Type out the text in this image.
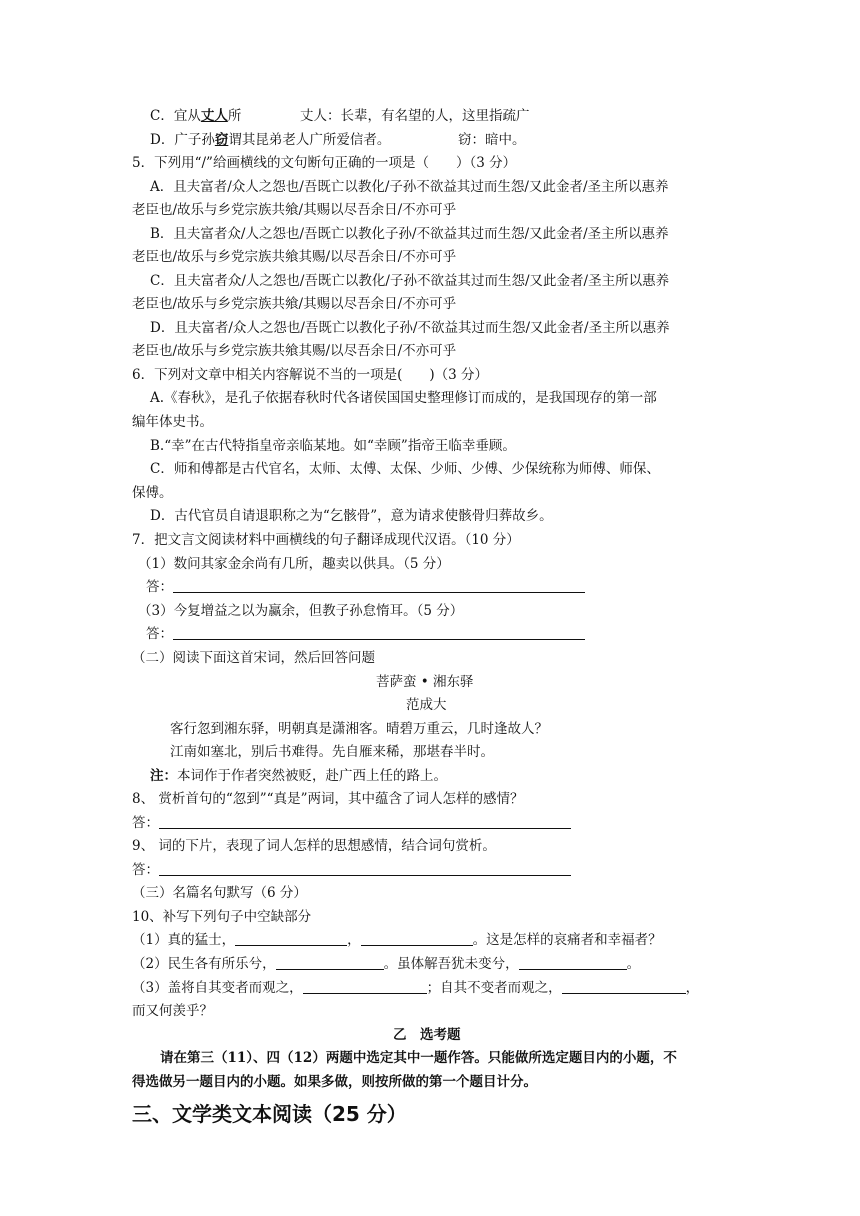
C．宜从丈人所	丈人：长辈，有名望的人，这里指疏广
D．广子孙窃谓其昆弟老人广所爱信者。	窃：暗中。
5．下列用“/”给画横线的文句断句正确的一项是（　　）（3 分）
A．且夫富者/众人之怨也/吾既亡以教化/子孙不欲益其过而生怨/又此金者/圣主所以惠养
老臣也/故乐与乡党宗族共飨/其赐以尽吾余日/不亦可乎
B．且夫富者众/人之怨也/吾既亡以教化子孙/不欲益其过而生怨/又此金者/圣主所以惠养
老臣也/故乐与乡党宗族共飨其赐/以尽吾余日/不亦可乎
C．且夫富者众/人之怨也/吾既亡以教化/子孙不欲益其过而生怨/又此金者/圣主所以惠养
老臣也/故乐与乡党宗族共飨/其赐以尽吾余日/不亦可乎
D．且夫富者/众人之怨也/吾既亡以教化子孙/不欲益其过而生怨/又此金者/圣主所以惠养
老臣也/故乐与乡党宗族共飨其赐/以尽吾余日/不亦可乎
6．下列对文章中相关内容解说不当的一项是(　　)（3 分）
A.《春秋》，是孔子依据春秋时代各诸侯国国史整理修订而成的，是我国现存的第一部
编年体史书。
B.“幸”在古代特指皇帝亲临某地。如“幸顾”指帝王临幸垂顾。
C．师和傅都是古代官名，太师、太傅、太保、少师、少傅、少保统称为师傅、师保、
保傅。
D．古代官员自请退职称之为“乞骸骨”，意为请求使骸骨归葬故乡。
7．把文言文阅读材料中画横线的句子翻译成现代汉语。（10 分）
（1）数问其家金余尚有几所，趣卖以供具。（5 分）
答：
（3）今复增益之以为赢余，但教子孙怠惰耳。（5 分）
答：
（二）阅读下面这首宋词，然后回答问题
菩萨蛮 • 湘东驿
范成大
客行忽到湘东驿，明朝真是潇湘客。晴碧万重云，几时逢故人？
江南如塞北，别后书难得。先自雁来稀，那堪春半时。
注：本词作于作者突然被贬，赴广西上任的路上。
8、 赏析首句的“忽到”“真是”两词，其中蕴含了词人怎样的感情？
答：
9、 词的下片，表现了词人怎样的思想感情，结合词句赏析。
答：
（三）名篇名句默写（6 分）
10、补写下列句子中空缺部分
（1）真的猛士，	，	。这是怎样的哀痛者和幸福者？
（2）民生各有所乐兮，	。虽体解吾犹未变兮，	。
（3）盖将自其变者而观之，	；自其不变者而观之，	，
而又何羡乎？
乙　选考题
请在第三（11）、四（12）两题中选定其中一题作答。只能做所选定题目内的小题，不
得选做另一题目内的小题。如果多做，则按所做的第一个题目计分。
三、文学类文本阅读（25 分）
